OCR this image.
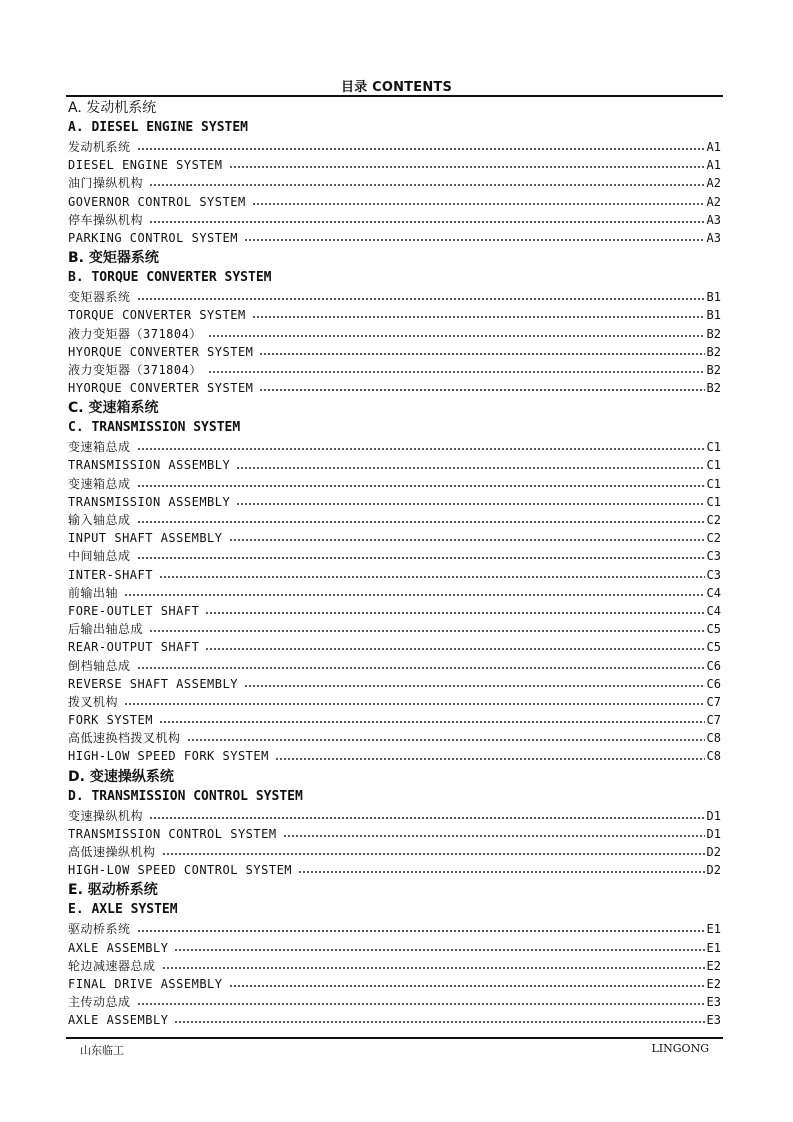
目录 CONTENTS
A. 发动机系统
A. DIESEL ENGINE SYSTEM
发动机系统	A1
DIESEL ENGINE SYSTEM	A1
油门操纵机构	A2
GOVERNOR CONTROL SYSTEM	A2
停车操纵机构	A3
PARKING CONTROL SYSTEM	A3
B. 变矩器系统
B. TORQUE CONVERTER SYSTEM
变矩器系统	B1
TORQUE CONVERTER SYSTEM	B1
液力变矩器（371804）	B2
HYORQUE CONVERTER SYSTEM	B2
液力变矩器（371804）	B2
HYORQUE CONVERTER SYSTEM	B2
C. 变速箱系统
C. TRANSMISSION SYSTEM
变速箱总成	C1
TRANSMISSION ASSEMBLY	C1
变速箱总成	C1
TRANSMISSION ASSEMBLY	C1
输入轴总成	C2
INPUT SHAFT ASSEMBLY	C2
中间轴总成	C3
INTER-SHAFT	C3
前输出轴	C4
FORE-OUTLET SHAFT	C4
后输出轴总成	C5
REAR-OUTPUT SHAFT	C5
倒档轴总成	C6
REVERSE SHAFT ASSEMBLY	C6
拨叉机构	C7
FORK SYSTEM	C7
高低速换档拨叉机构	C8
HIGH-LOW SPEED FORK SYSTEM	C8
D. 变速操纵系统
D. TRANSMISSION CONTROL SYSTEM
变速操纵机构	D1
TRANSMISSION CONTROL SYSTEM	D1
高低速操纵机构	D2
HIGH-LOW SPEED CONTROL SYSTEM	D2
E. 驱动桥系统
E. AXLE SYSTEM
驱动桥系统	E1
AXLE ASSEMBLY	E1
轮边减速器总成	E2
FINAL DRIVE ASSEMBLY	E2
主传动总成	E3
AXLE ASSEMBLY	E3
山东临工	LINGONG
